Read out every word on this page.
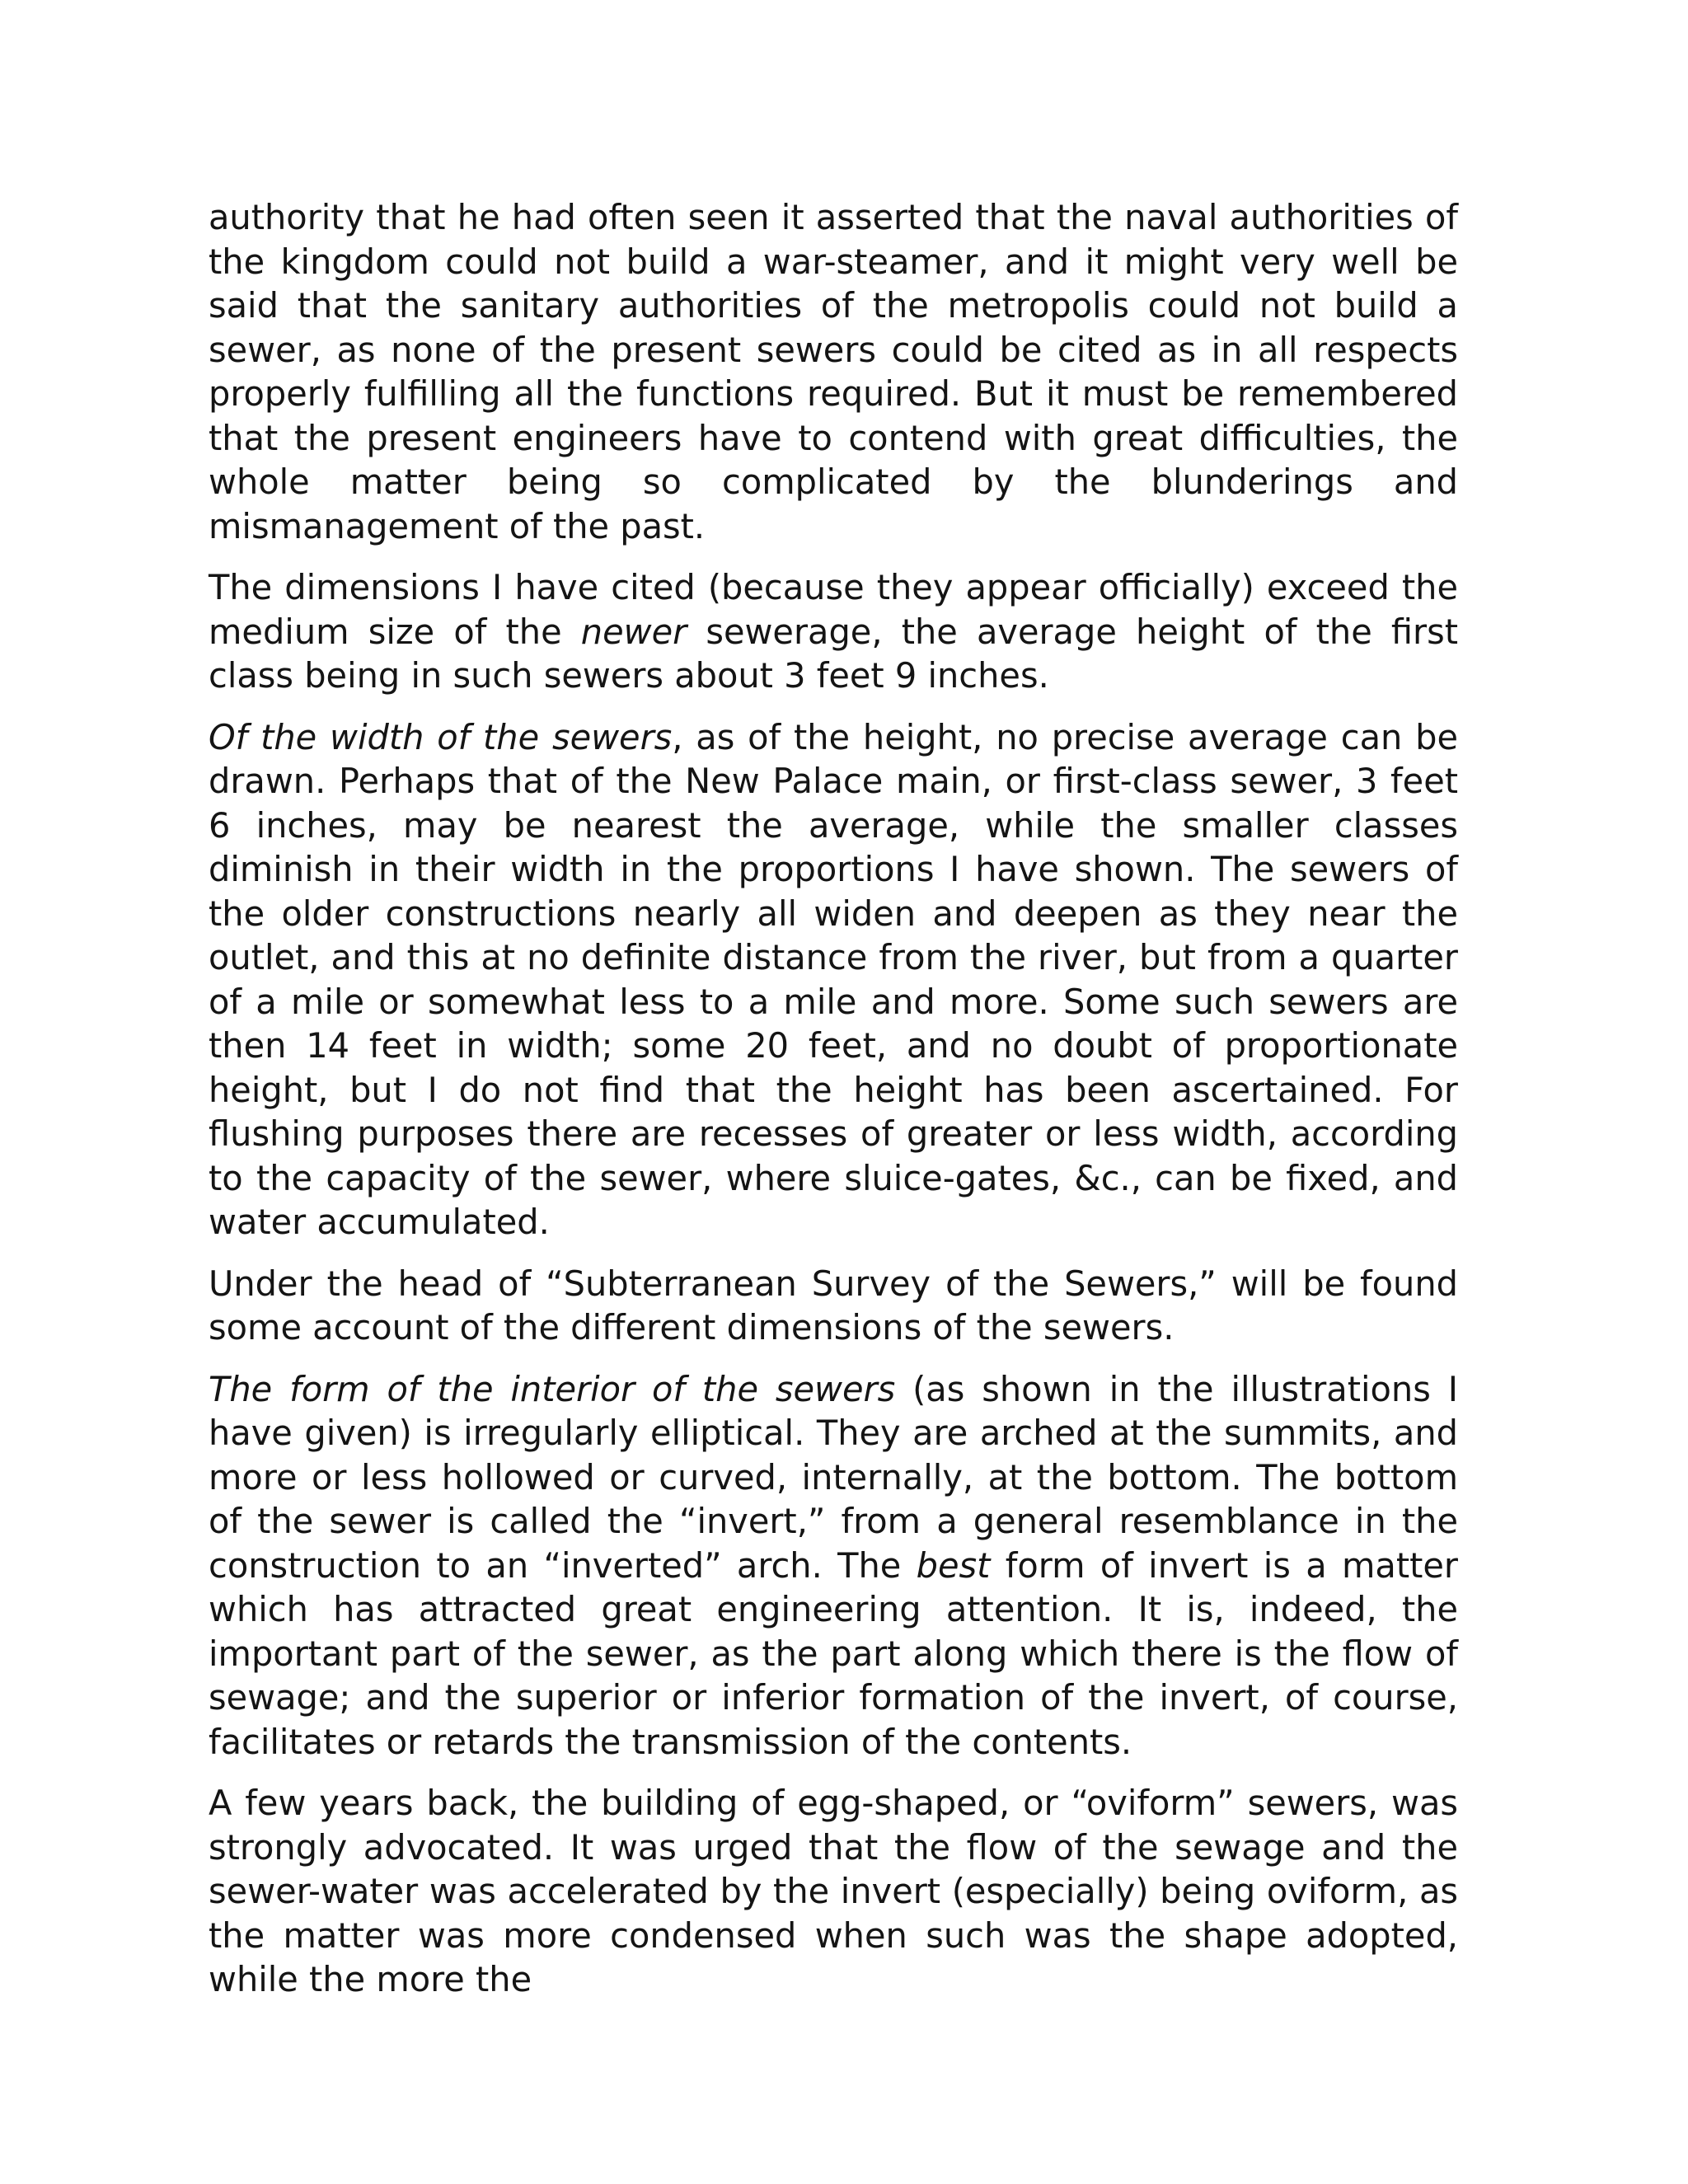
authority that he had often seen it asserted that the naval authorities of the kingdom could not build a war-steamer, and it might very well be said that the sanitary authorities of the metropolis could not build a sewer, as none of the present sewers could be cited as in all respects properly fulfilling all the functions required. But it must be remembered that the present engineers have to contend with great difficulties, the whole matter being so complicated by the blunderings and mismanagement of the past.

The dimensions I have cited (because they appear officially) exceed the medium size of the newer sewerage, the average height of the first class being in such sewers about 3 feet 9 inches.

Of the width of the sewers, as of the height, no precise average can be drawn. Perhaps that of the New Palace main, or first-class sewer, 3 feet 6 inches, may be nearest the average, while the smaller classes diminish in their width in the proportions I have shown. The sewers of the older constructions nearly all widen and deepen as they near the outlet, and this at no definite distance from the river, but from a quarter of a mile or somewhat less to a mile and more. Some such sewers are then 14 feet in width; some 20 feet, and no doubt of proportionate height, but I do not find that the height has been ascertained. For flushing purposes there are recesses of greater or less width, according to the capacity of the sewer, where sluice-gates, &c., can be fixed, and water accumulated.

Under the head of “Subterranean Survey of the Sewers,” will be found some account of the different dimensions of the sewers.

The form of the interior of the sewers (as shown in the illustrations I have given) is irregularly elliptical. They are arched at the summits, and more or less hollowed or curved, internally, at the bottom. The bottom of the sewer is called the “invert,” from a general resemblance in the construction to an “inverted” arch. The best form of invert is a matter which has attracted great engineering attention. It is, indeed, the important part of the sewer, as the part along which there is the flow of sewage; and the superior or inferior formation of the invert, of course, facilitates or retards the transmission of the contents.

A few years back, the building of egg-shaped, or “oviform” sewers, was strongly advocated. It was urged that the flow of the sewage and the sewer-water was accelerated by the invert (especially) being oviform, as the matter was more condensed when such was the shape adopted, while the more the
